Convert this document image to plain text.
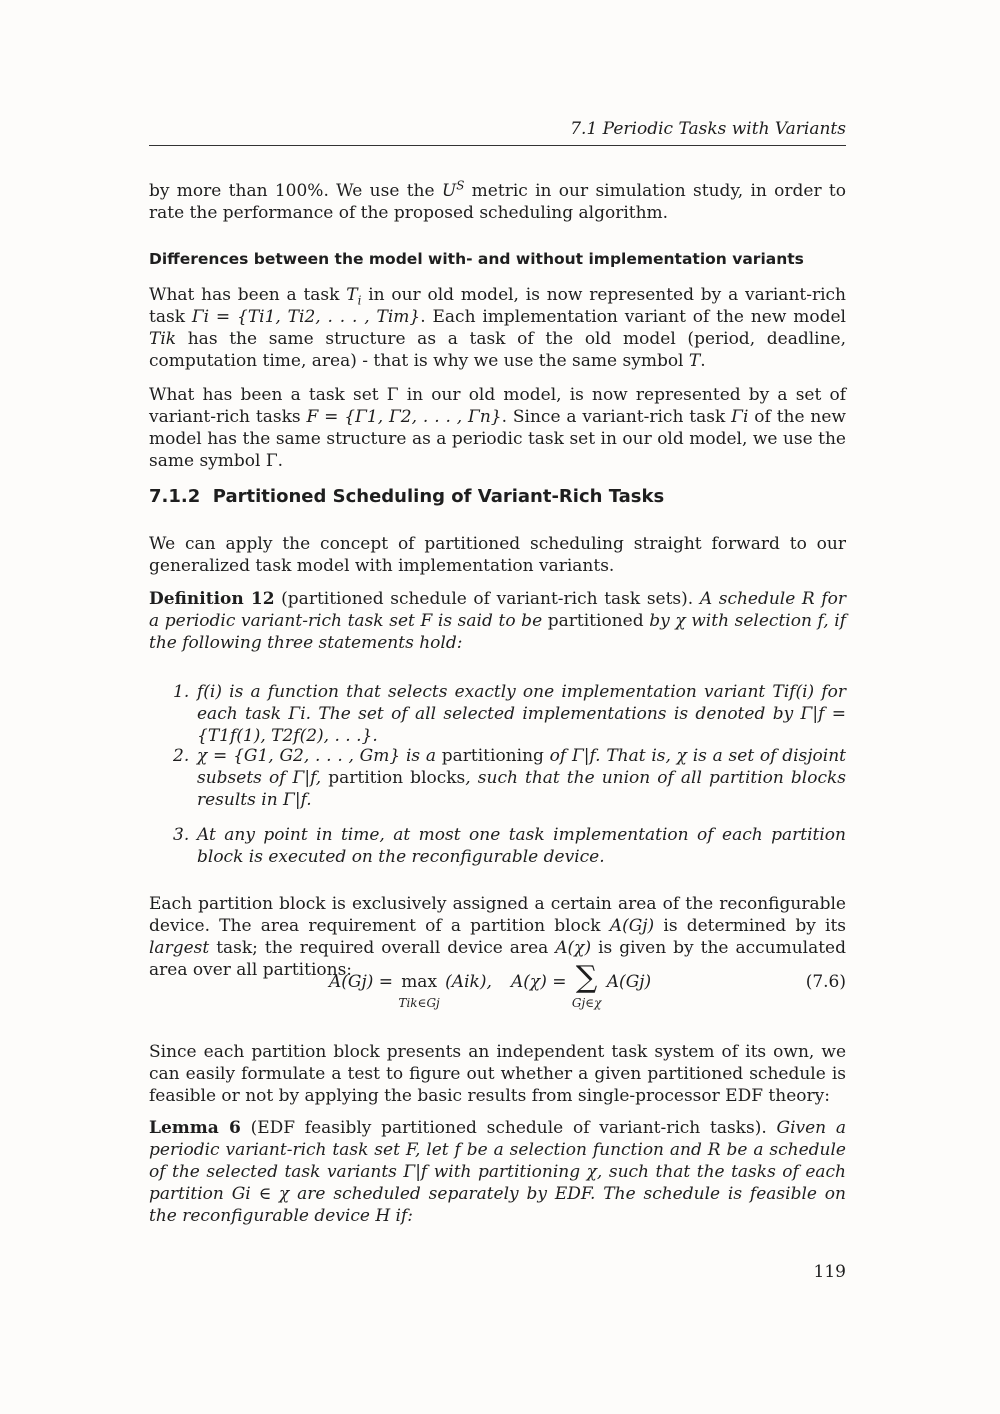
7.1 Periodic Tasks with Variants

by more than 100%. We use the $U^S$ metric in our simulation study, in order to rate the performance of the proposed scheduling algorithm.

Differences between the model with- and without implementation variants

What has been a task $T_i$ in our old model, is now represented by a variant-rich task Γi = {Ti1, Ti2, . . . , Tim}. Each implementation variant of the new model Tik has the same structure as a task of the old model (period, deadline, computation time, area) - that is why we use the same symbol T.

What has been a task set Γ in our old model, is now represented by a set of variant-rich tasks F = {Γ1, Γ2, . . . , Γn}. Since a variant-rich task Γi of the new model has the same structure as a periodic task set in our old model, we use the same symbol Γ.

7.1.2 Partitioned Scheduling of Variant-Rich Tasks

We can apply the concept of partitioned scheduling straight forward to our generalized task model with implementation variants.

Definition 12 (partitioned schedule of variant-rich task sets). A schedule R for a periodic variant-rich task set F is said to be partitioned by χ with selection f, if the following three statements hold:

1. f(i) is a function that selects exactly one implementation variant Tif(i) for each task Γi. The set of all selected implementations is denoted by Γ|f = {T1f(1), T2f(2), . . .}.
2. χ = {G1, G2, . . . , Gm} is a partitioning of Γ|f. That is, χ is a set of disjoint subsets of Γ|f, partition blocks, such that the union of all partition blocks results in Γ|f.
3. At any point in time, at most one task implementation of each partition block is executed on the reconfigurable device.

Each partition block is exclusively assigned a certain area of the reconfigurable device. The area requirement of a partition block A(Gj) is determined by its largest task; the required overall device area A(χ) is given by the accumulated area over all partitions:

A(Gj) = max
Tik∈Gj (Aik), A(χ) = ∑
Gj∈χ A(Gj)	(7.6)

Since each partition block presents an independent task system of its own, we can easily formulate a test to figure out whether a given partitioned schedule is feasible or not by applying the basic results from single-processor EDF theory:

Lemma 6 (EDF feasibly partitioned schedule of variant-rich tasks). Given a periodic variant-rich task set F, let f be a selection function and R be a schedule of the selected task variants Γ|f with partitioning χ, such that the tasks of each partition Gi ∈ χ are scheduled separately by EDF. The schedule is feasible on the reconfigurable device H if:

119
